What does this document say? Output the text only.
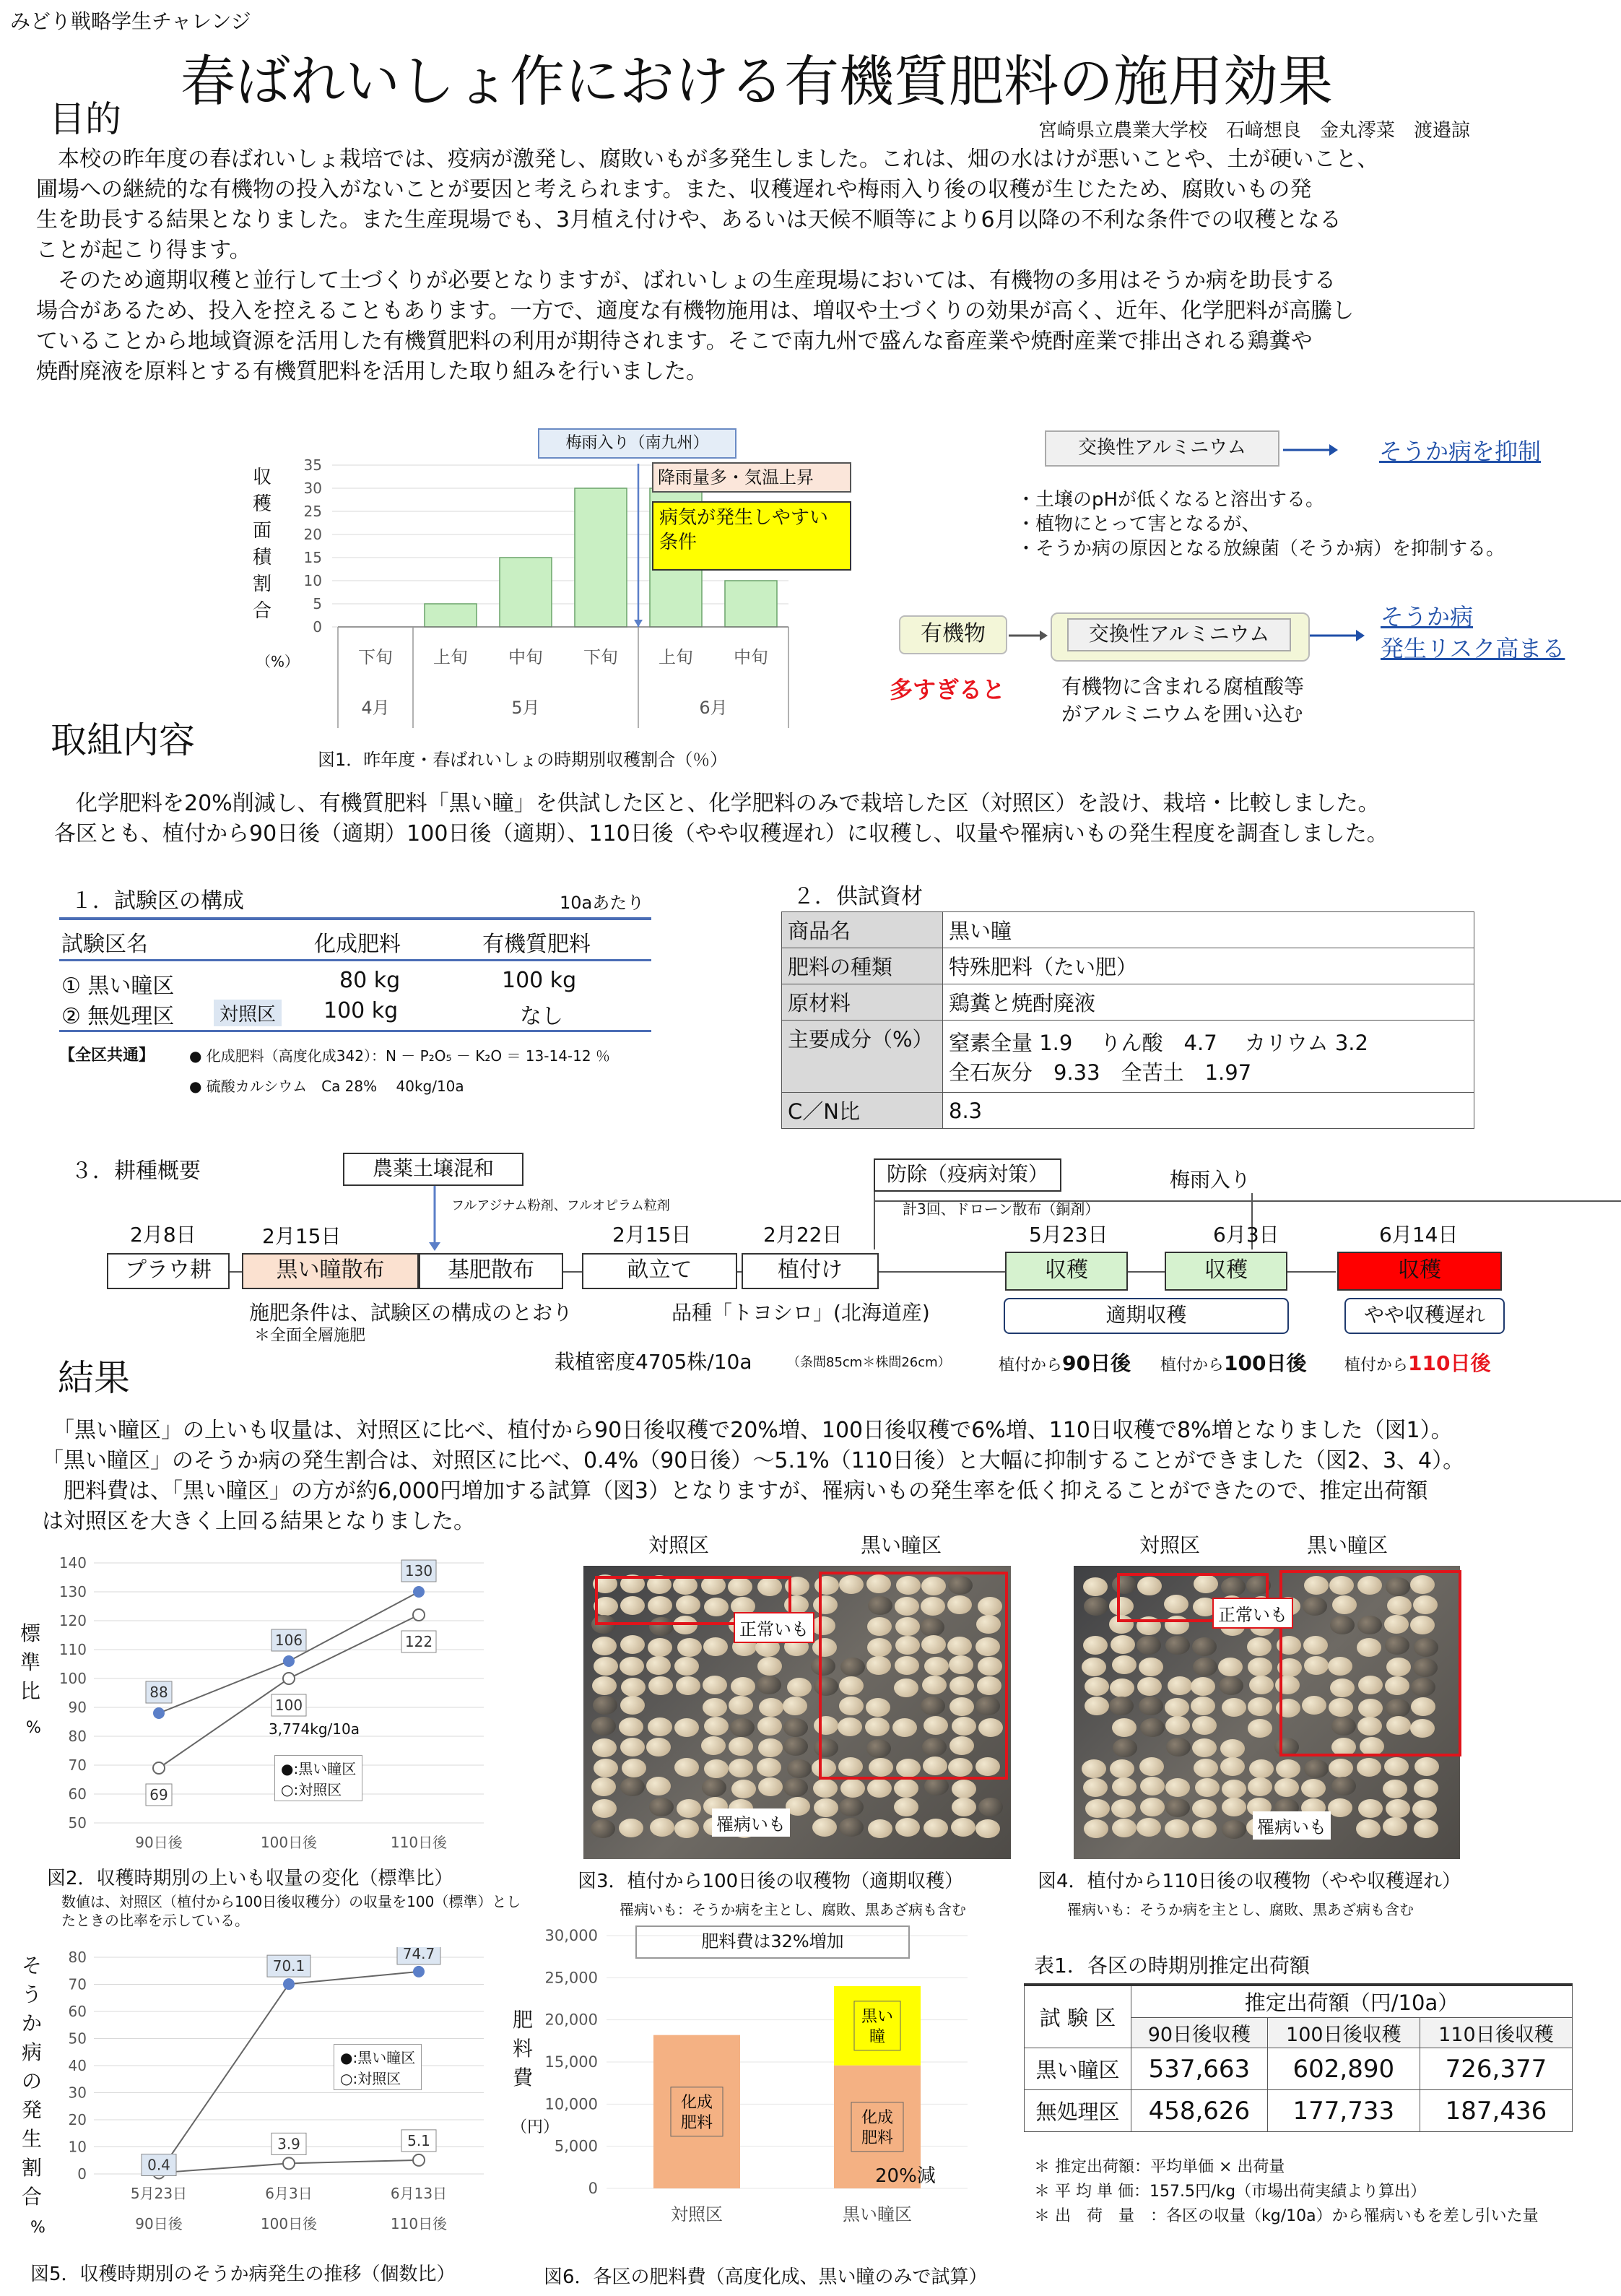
みどり戦略学生チャレンジ
春ばれいしょ作における有機質肥料の施用効果
宮崎県立農業大学校　石﨑想良　金丸澪菜　渡邉諒
目的
　本校の昨年度の春ばれいしょ栽培では、疫病が激発し、腐敗いもが多発生しました。これは、畑の水はけが悪いことや、土が硬いこと、
圃場への継続的な有機物の投入がないことが要因と考えられます。また、収穫遅れや梅雨入り後の収穫が生じたため、腐敗いもの発
生を助長する結果となりました。また生産現場でも、3月植え付けや、あるいは天候不順等により6月以降の不利な条件での収穫となる
ことが起こり得ます。
　そのため適期収穫と並行して土づくりが必要となりますが、ばれいしょの生産現場においては、有機物の多用はそうか病を助長する
場合があるため、投入を控えることもあります。一方で、適度な有機物施用は、増収や土づくりの効果が高く、近年、化学肥料が高騰し
ていることから地域資源を活用した有機質肥料の利用が期待されます。そこで南九州で盛んな畜産業や焼酎産業で排出される鶏糞や
焼酎廃液を原料とする有機質肥料を活用した取り組みを行いました。
収
穫
面
積
割
合
（%）
0
5
10
15
20
25
30
35
下旬 上旬 中旬 下旬 上旬 中旬
4月	5月	6月
梅雨入り（南九州）
降雨量多・気温上昇
病気が発生しやすい条件
図1．昨年度・春ばれいしょの時期別収穫割合（％）
交換性アルミニウム	そうか病を抑制
・土壌のpHが低くなると溶出する。
・植物にとって害となるが、
・そうか病の原因となる放線菌（そうか病）を抑制する。
有機物	交換性アルミニウム
そうか病
発生リスク高まる
多すぎると	有機物に含まれる腐植酸等
がアルミニウムを囲い込む
取組内容
　化学肥料を20%削減し、有機質肥料「黒い瞳」を供試した区と、化学肥料のみで栽培した区（対照区）を設け、栽培・比較しました。
各区とも、植付から90日後（適期）100日後（適期）、110日後（やや収穫遅れ）に収穫し、収量や罹病いもの発生程度を調査しました。
１．試験区の構成	10aあたり
試験区名	化成肥料	有機質肥料
① 黒い瞳区	80 kg	100 kg
② 無処理区	対照区 100 kg	なし
【全区共通】 ● 化成肥料（高度化成342）：N － P₂O₅ － K₂O ＝ 13-14-12 ％
● 硫酸カルシウム　Ca 28%　 40kg/10a
２．供試資材
商品名	黒い瞳
肥料の種類	特殊肥料（たい肥）
原材料	鶏糞と焼酎廃液
主要成分（%）	窒素全量 1.9　 りん酸　4.7　 カリウム 3.2
全石灰分　9.33　全苦土　1.97

C／N比	8.3
３．耕種概要	農薬土壌混和
フルアジナム粉剤、フルオピラム粒剤
防除（疫病対策）
計3回、ドローン散布（銅剤）
梅雨入り
2月8日	2月15日	2月15日	2月22日	5月23日	6月3日	6月14日
プラウ耕	黒い瞳散布	基肥散布	畝立て	植付け	収穫	収穫	収穫
施肥条件は、試験区の構成のとおり
＊全面全層施肥
品種「トヨシロ」(北海道産)
栽植密度4705株/10a	（条間85cm＊株間26cm）
適期収穫	やや収穫遅れ
植付から90日後 植付から100日後 植付から110日後
結果
　「黒い瞳区」の上いも収量は、対照区に比べ、植付から90日後収穫で20%増、100日後収穫で6%増、110日収穫で8%増となりました（図1）。
「黒い瞳区」のそうか病の発生割合は、対照区に比べ、0.4%（90日後）～5.1%（110日後）と大幅に抑制することができました（図2、3、4）。
　肥料費は、「黒い瞳区」の方が約6,000円増加する試算（図3）となりますが、罹病いもの発生率を低く抑えることができたので、推定出荷額
は対照区を大きく上回る結果となりました。
標
準
比
%
50
60
70
80
90
100
110
120
130
140
90日後	100日後	110日後
88
106
130
69
100
122
3,774kg/10a
●:黒い瞳区
○:対照区
図2．収穫時期別の上いも収量の変化（標準比）
数値は、対照区（植付から100日後収穫分）の収量を100（標準）としたときの比率を示している。
対照区	黒い瞳区
正常いも
罹病いも
図3．植付から100日後の収穫物（適期収穫）
罹病いも：そうか病を主とし、腐敗、黒あざ病も含む
対照区	黒い瞳区
正常いも
罹病いも
図4．植付から110日後の収穫物（やや収穫遅れ）
罹病いも：そうか病を主とし、腐敗、黒あざ病も含む
そ
う
か
病
の
発
生
割
合
%
0
10
20
30
40
50
60
70
80
5月23日
90日後
6月3日
100日後
6月13日
110日後
0.4
70.1
74.7
3.9	5.1
●:黒い瞳区
○:対照区
図5．収穫時期別のそうか病発生の推移（個数比）
肥
料
費
（円）
0
5,000
10,000
15,000
20,000
25,000
30,000
対照区
化成
肥料
黒い瞳区
化成
肥料
黒い
瞳
肥料費は32%増加
20%減
図6．各区の肥料費（高度化成、黒い瞳のみで試算）
表1．各区の時期別推定出荷額
試 験 区	推定出荷額（円/10a）		
	90日後収穫	100日後収穫	110日後収穫
黒い瞳区	537,663	602,890	726,377
無処理区	458,626	177,733	187,436
＊ 推定出荷額：平均単価 × 出荷量
＊ 平 均 単 価：157.5円/kg（市場出荷実績より算出）
＊ 出　荷　量　：各区の収量（kg/10a）から罹病いもを差し引いた量
